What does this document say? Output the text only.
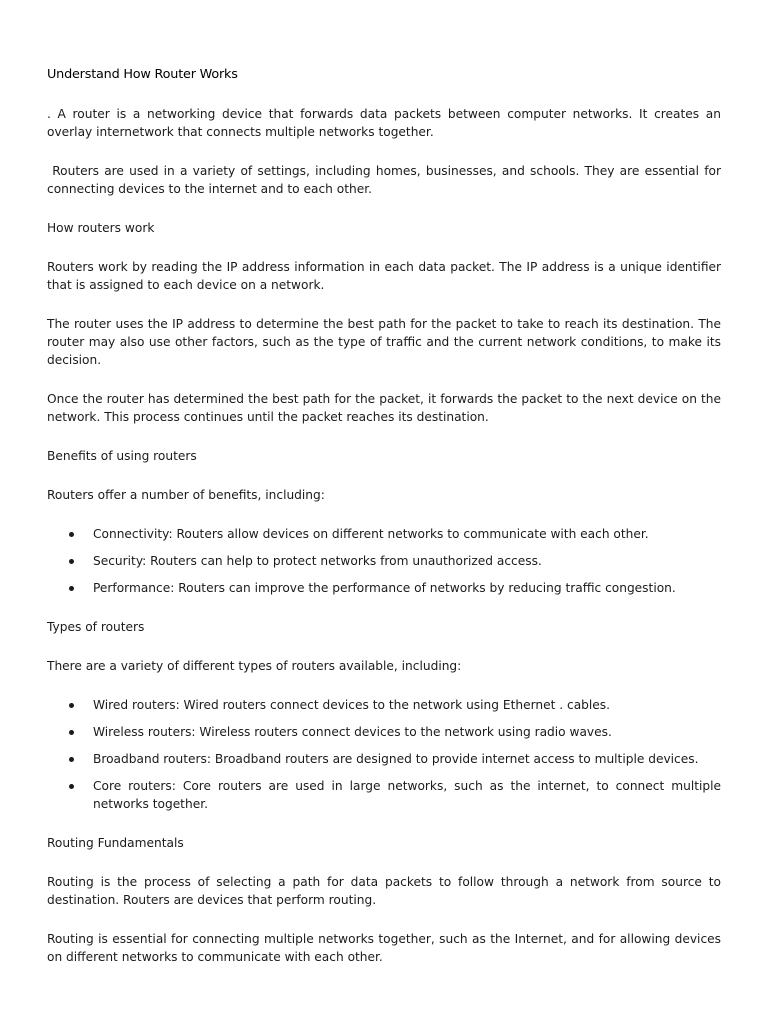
Understand How Router Works

. A router is a networking device that forwards data packets between computer networks. It creates an overlay internetwork that connects multiple networks together.

Routers are used in a variety of settings, including homes, businesses, and schools. They are essential for connecting devices to the internet and to each other.

How routers work

Routers work by reading the IP address information in each data packet. The IP address is a unique identifier that is assigned to each device on a network.

The router uses the IP address to determine the best path for the packet to take to reach its destination. The router may also use other factors, such as the type of traffic and the current network conditions, to make its decision.

Once the router has determined the best path for the packet, it forwards the packet to the next device on the network. This process continues until the packet reaches its destination.

Benefits of using routers

Routers offer a number of benefits, including:

Connectivity: Routers allow devices on different networks to communicate with each other.
Security: Routers can help to protect networks from unauthorized access.
Performance: Routers can improve the performance of networks by reducing traffic congestion.
Types of routers

There are a variety of different types of routers available, including:

Wired routers: Wired routers connect devices to the network using Ethernet . cables.
Wireless routers: Wireless routers connect devices to the network using radio waves.
Broadband routers: Broadband routers are designed to provide internet access to multiple devices.
Core routers: Core routers are used in large networks, such as the internet, to connect multiple networks together.
Routing Fundamentals

Routing is the process of selecting a path for data packets to follow through a network from source to destination. Routers are devices that perform routing.

Routing is essential for connecting multiple networks together, such as the Internet, and for allowing devices on different networks to communicate with each other.
